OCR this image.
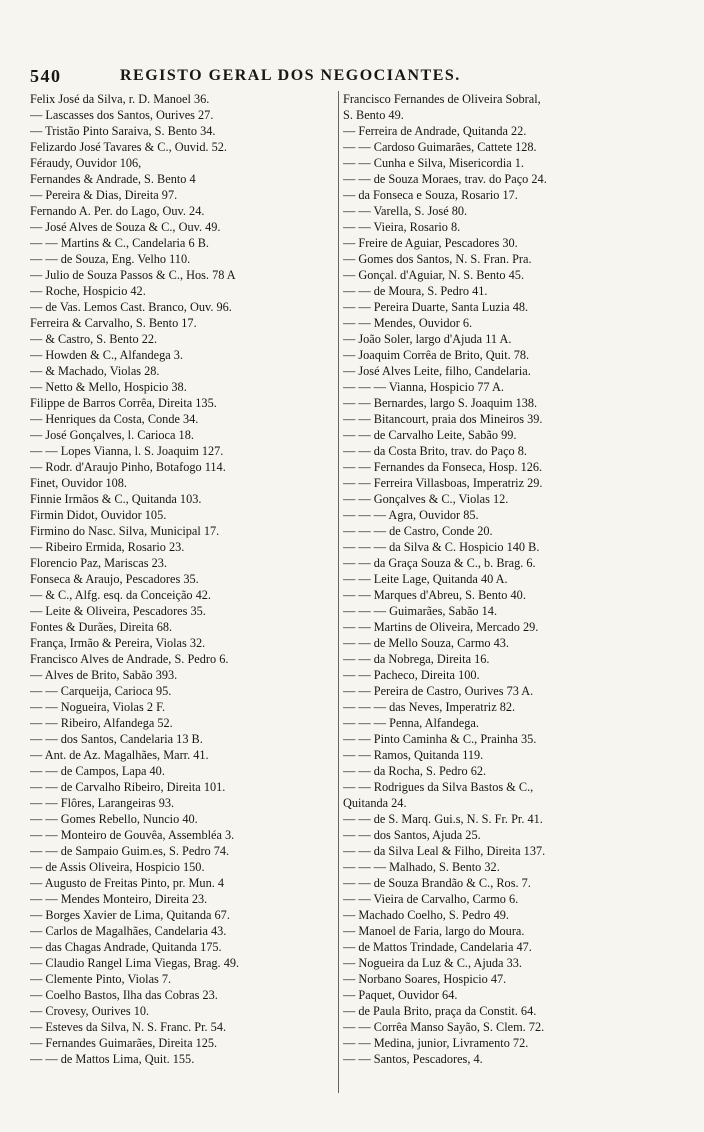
540	REGISTO GERAL DOS NEGOCIANTES.
Felix José da Silva, r. D. Manoel 36.
— Lascasses dos Santos, Ourives 27.
— Tristão Pinto Saraiva, S. Bento 34.
Felizardo José Tavares & C., Ouvid. 52.
Féraudy, Ouvidor 106,
Fernandes & Andrade, S. Bento 4
— Pereira & Dias, Direita 97.
Fernando A. Per. do Lago, Ouv. 24.
— José Alves de Souza & C., Ouv. 49.
— — Martins & C., Candelaria 6 B.
— — de Souza, Eng. Velho 110.
— Julio de Souza Passos & C., Hos. 78 A
— Roche, Hospicio 42.
— de Vas. Lemos Cast. Branco, Ouv. 96.
Ferreira & Carvalho, S. Bento 17.
— & Castro, S. Bento 22.
— Howden & C., Alfandega 3.
— & Machado, Violas 28.
— Netto & Mello, Hospicio 38.
Filippe de Barros Corrêa, Direita 135.
— Henriques da Costa, Conde 34.
— José Gonçalves, l. Carioca 18.
— — Lopes Vianna, l. S. Joaquim 127.
— Rodr. d'Araujo Pinho, Botafogo 114.
Finet, Ouvidor 108.
Finnie Irmãos & C., Quitanda 103.
Firmin Didot, Ouvidor 105.
Firmino do Nasc. Silva, Municipal 17.
— Ribeiro Ermida, Rosario 23.
Florencio Paz, Mariscas 23.
Fonseca & Araujo, Pescadores 35.
— & C., Alfg. esq. da Conceição 42.
— Leite & Oliveira, Pescadores 35.
Fontes & Durães, Direita 68.
França, Irmão & Pereira, Violas 32.
Francisco Alves de Andrade, S. Pedro 6.
— Alves de Brito, Sabão 393.
— — Carqueija, Carioca 95.
— — Nogueira, Violas 2 F.
— — Ribeiro, Alfandega 52.
— — dos Santos, Candelaria 13 B.
— Ant. de Az. Magalhães, Marr. 41.
— — de Campos, Lapa 40.
— — de Carvalho Ribeiro, Direita 101.
— — Flôres, Larangeiras 93.
— — Gomes Rebello, Nuncio 40.
— — Monteiro de Gouvêa, Assembléa 3.
— — de Sampaio Guim.es, S. Pedro 74.
— de Assis Oliveira, Hospicio 150.
— Augusto de Freitas Pinto, pr. Mun. 4
— — Mendes Monteiro, Direita 23.
— Borges Xavier de Lima, Quitanda 67.
— Carlos de Magalhães, Candelaria 43.
— das Chagas Andrade, Quitanda 175.
— Claudio Rangel Lima Viegas, Brag. 49.
— Clemente Pinto, Violas 7.
— Coelho Bastos, Ilha das Cobras 23.
— Crovesy, Ourives 10.
— Esteves da Silva, N. S. Franc. Pr. 54.
— Fernandes Guimarães, Direita 125.
— — de Mattos Lima, Quit. 155.
Francisco Fernandes de Oliveira Sobral,
S. Bento 49.
— Ferreira de Andrade, Quitanda 22.
— — Cardoso Guimarães, Cattete 128.
— — Cunha e Silva, Misericordia 1.
— — de Souza Moraes, trav. do Paço 24.
— da Fonseca e Souza, Rosario 17.
— — Varella, S. José 80.
— — Vieira, Rosario 8.
— Freire de Aguiar, Pescadores 30.
— Gomes dos Santos, N. S. Fran. Pra.
— Gonçal. d'Aguiar, N. S. Bento 45.
— — de Moura, S. Pedro 41.
— — Pereira Duarte, Santa Luzia 48.
— — Mendes, Ouvidor 6.
— João Soler, largo d'Ajuda 11 A.
— Joaquim Corrêa de Brito, Quit. 78.
— José Alves Leite, filho, Candelaria.
— — — Vianna, Hospicio 77 A.
— — Bernardes, largo S. Joaquim 138.
— — Bitancourt, praia dos Mineiros 39.
— — de Carvalho Leite, Sabão 99.
— — da Costa Brito, trav. do Paço 8.
— — Fernandes da Fonseca, Hosp. 126.
— — Ferreira Villasboas, Imperatriz 29.
— — Gonçalves & C., Violas 12.
— — — Agra, Ouvidor 85.
— — — de Castro, Conde 20.
— — — da Silva & C. Hospicio 140 B.
— — da Graça Souza & C., b. Brag. 6.
— — Leite Lage, Quitanda 40 A.
— — Marques d'Abreu, S. Bento 40.
— — — Guimarães, Sabão 14.
— — Martins de Oliveira, Mercado 29.
— — de Mello Souza, Carmo 43.
— — da Nobrega, Direita 16.
— — Pacheco, Direita 100.
— — Pereira de Castro, Ourives 73 A.
— — — das Neves, Imperatriz 82.
— — — Penna, Alfandega.
— — Pinto Caminha & C., Prainha 35.
— — Ramos, Quitanda 119.
— — da Rocha, S. Pedro 62.
— — Rodrigues da Silva Bastos & C.,
Quitanda 24.
— — de S. Marq. Gui.s, N. S. Fr. Pr. 41.
— — dos Santos, Ajuda 25.
— — da Silva Leal & Filho, Direita 137.
— — — Malhado, S. Bento 32.
— — de Souza Brandão & C., Ros. 7.
— — Vieira de Carvalho, Carmo 6.
— Machado Coelho, S. Pedro 49.
— Manoel de Faria, largo do Moura.
— de Mattos Trindade, Candelaria 47.
— Nogueira da Luz & C., Ajuda 33.
— Norbano Soares, Hospicio 47.
— Paquet, Ouvidor 64.
— de Paula Brito, praça da Constit. 64.
— — Corrêa Manso Sayão, S. Clem. 72.
— — Medina, junior, Livramento 72.
— — Santos, Pescadores, 4.
